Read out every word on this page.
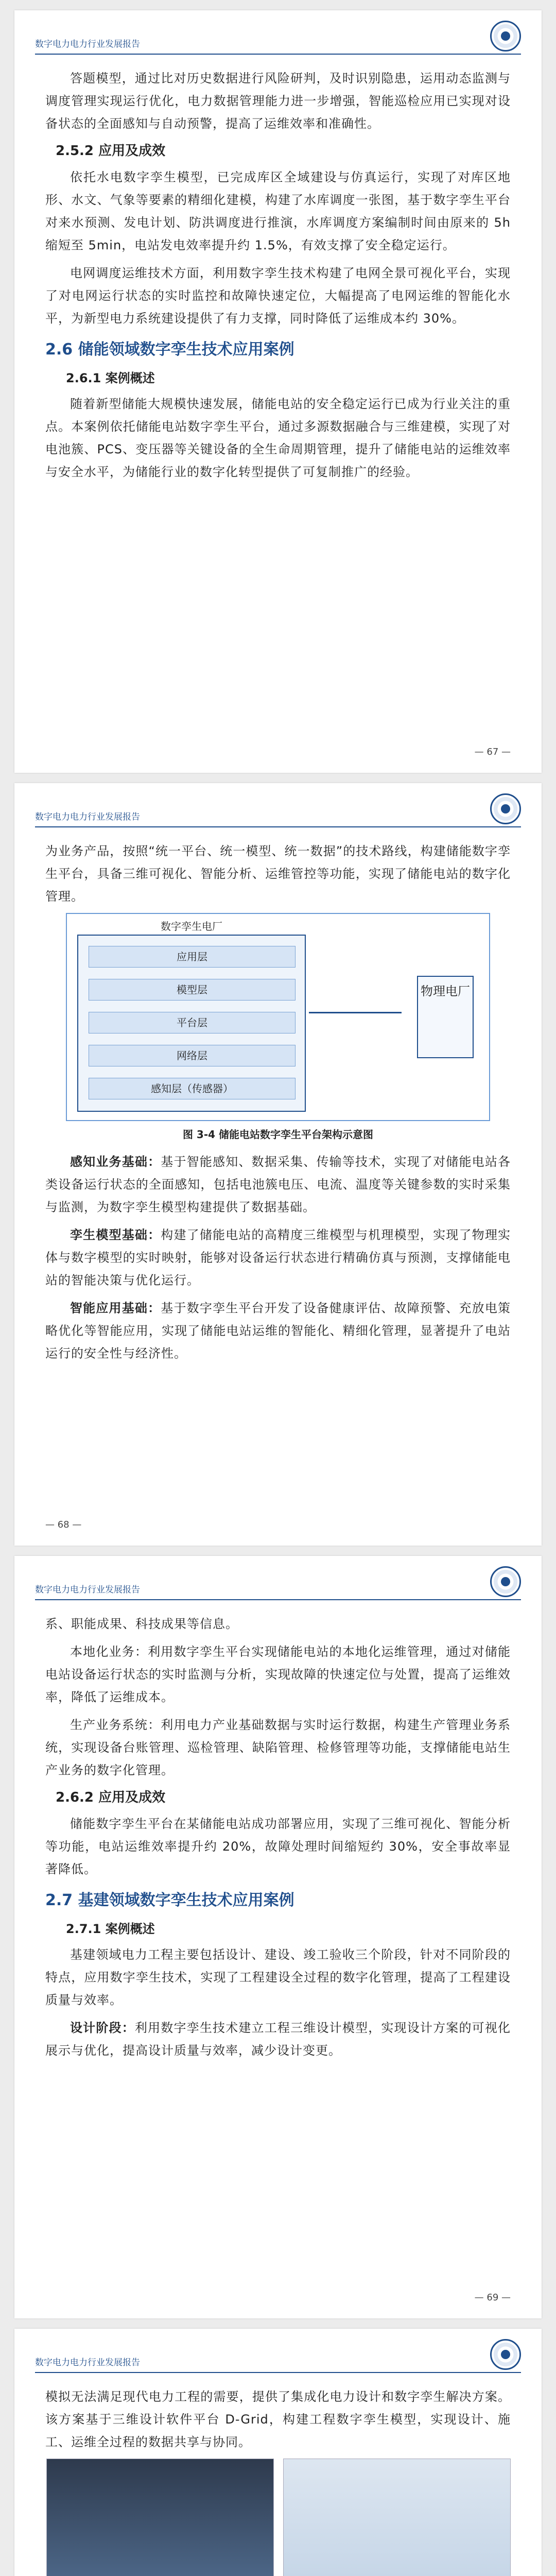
数字电力电力行业发展报告

答题模型，通过比对历史数据进行风险研判，及时识别隐患，运用动态监测与调度管理实现运行优化，电力数据管理能力进一步增强，智能巡检应用已实现对设备状态的全面感知与自动预警，提高了运维效率和准确性。

2.5.2 应用及成效

依托水电数字孪生模型，已完成库区全域建设与仿真运行，实现了对库区地形、水文、气象等要素的精细化建模，构建了水库调度一张图，基于数字孪生平台对来水预测、发电计划、防洪调度进行推演，水库调度方案编制时间由原来的 5h 缩短至 5min，电站发电效率提升约 1.5%，有效支撑了安全稳定运行。

电网调度运维技术方面，利用数字孪生技术构建了电网全景可视化平台，实现了对电网运行状态的实时监控和故障快速定位，大幅提高了电网运维的智能化水平，为新型电力系统建设提供了有力支撑，同时降低了运维成本约 30%。

2.6 储能领域数字孪生技术应用案例
2.6.1 案例概述

随着新型储能大规模快速发展，储能电站的安全稳定运行已成为行业关注的重点。本案例依托储能电站数字孪生平台，通过多源数据融合与三维建模，实现了对电池簇、PCS、变压器等关键设备的全生命周期管理，提升了储能电站的运维效率与安全水平，为储能行业的数字化转型提供了可复制推广的经验。

— 67 —
数字电力电力行业发展报告

为业务产品，按照“统一平台、统一模型、统一数据”的技术路线，构建储能数字孪生平台，具备三维可视化、智能分析、运维管控等功能，实现了储能电站的数字化管理。

数字孪生电厂
应用层
模型层
平台层
网络层
感知层（传感器）
物理电厂
图 3-4 储能电站数字孪生平台架构示意图

感知业务基础：基于智能感知、数据采集、传输等技术，实现了对储能电站各类设备运行状态的全面感知，包括电池簇电压、电流、温度等关键参数的实时采集与监测，为数字孪生模型构建提供了数据基础。

孪生模型基础：构建了储能电站的高精度三维模型与机理模型，实现了物理实体与数字模型的实时映射，能够对设备运行状态进行精确仿真与预测，支撑储能电站的智能决策与优化运行。

智能应用基础：基于数字孪生平台开发了设备健康评估、故障预警、充放电策略优化等智能应用，实现了储能电站运维的智能化、精细化管理，显著提升了电站运行的安全性与经济性。

— 68 —
数字电力电力行业发展报告

系、职能成果、科技成果等信息。

本地化业务：利用数字孪生平台实现储能电站的本地化运维管理，通过对储能电站设备运行状态的实时监测与分析，实现故障的快速定位与处置，提高了运维效率，降低了运维成本。

生产业务系统：利用电力产业基础数据与实时运行数据，构建生产管理业务系统，实现设备台账管理、巡检管理、缺陷管理、检修管理等功能，支撑储能电站生产业务的数字化管理。

2.6.2 应用及成效

储能数字孪生平台在某储能电站成功部署应用，实现了三维可视化、智能分析等功能，电站运维效率提升约 20%，故障处理时间缩短约 30%，安全事故率显著降低。

2.7 基建领域数字孪生技术应用案例
2.7.1 案例概述

基建领域电力工程主要包括设计、建设、竣工验收三个阶段，针对不同阶段的特点，应用数字孪生技术，实现了工程建设全过程的数字化管理，提高了工程建设质量与效率。

设计阶段：利用数字孪生技术建立工程三维设计模型，实现设计方案的可视化展示与优化，提高设计质量与效率，减少设计变更。

— 69 —
数字电力电力行业发展报告

模拟无法满足现代电力工程的需要，提供了集成化电力设计和数字孪生解决方案。该方案基于三维设计软件平台 D-Grid，构建工程数字孪生模型，实现设计、施工、运维全过程的数据共享与协同。
